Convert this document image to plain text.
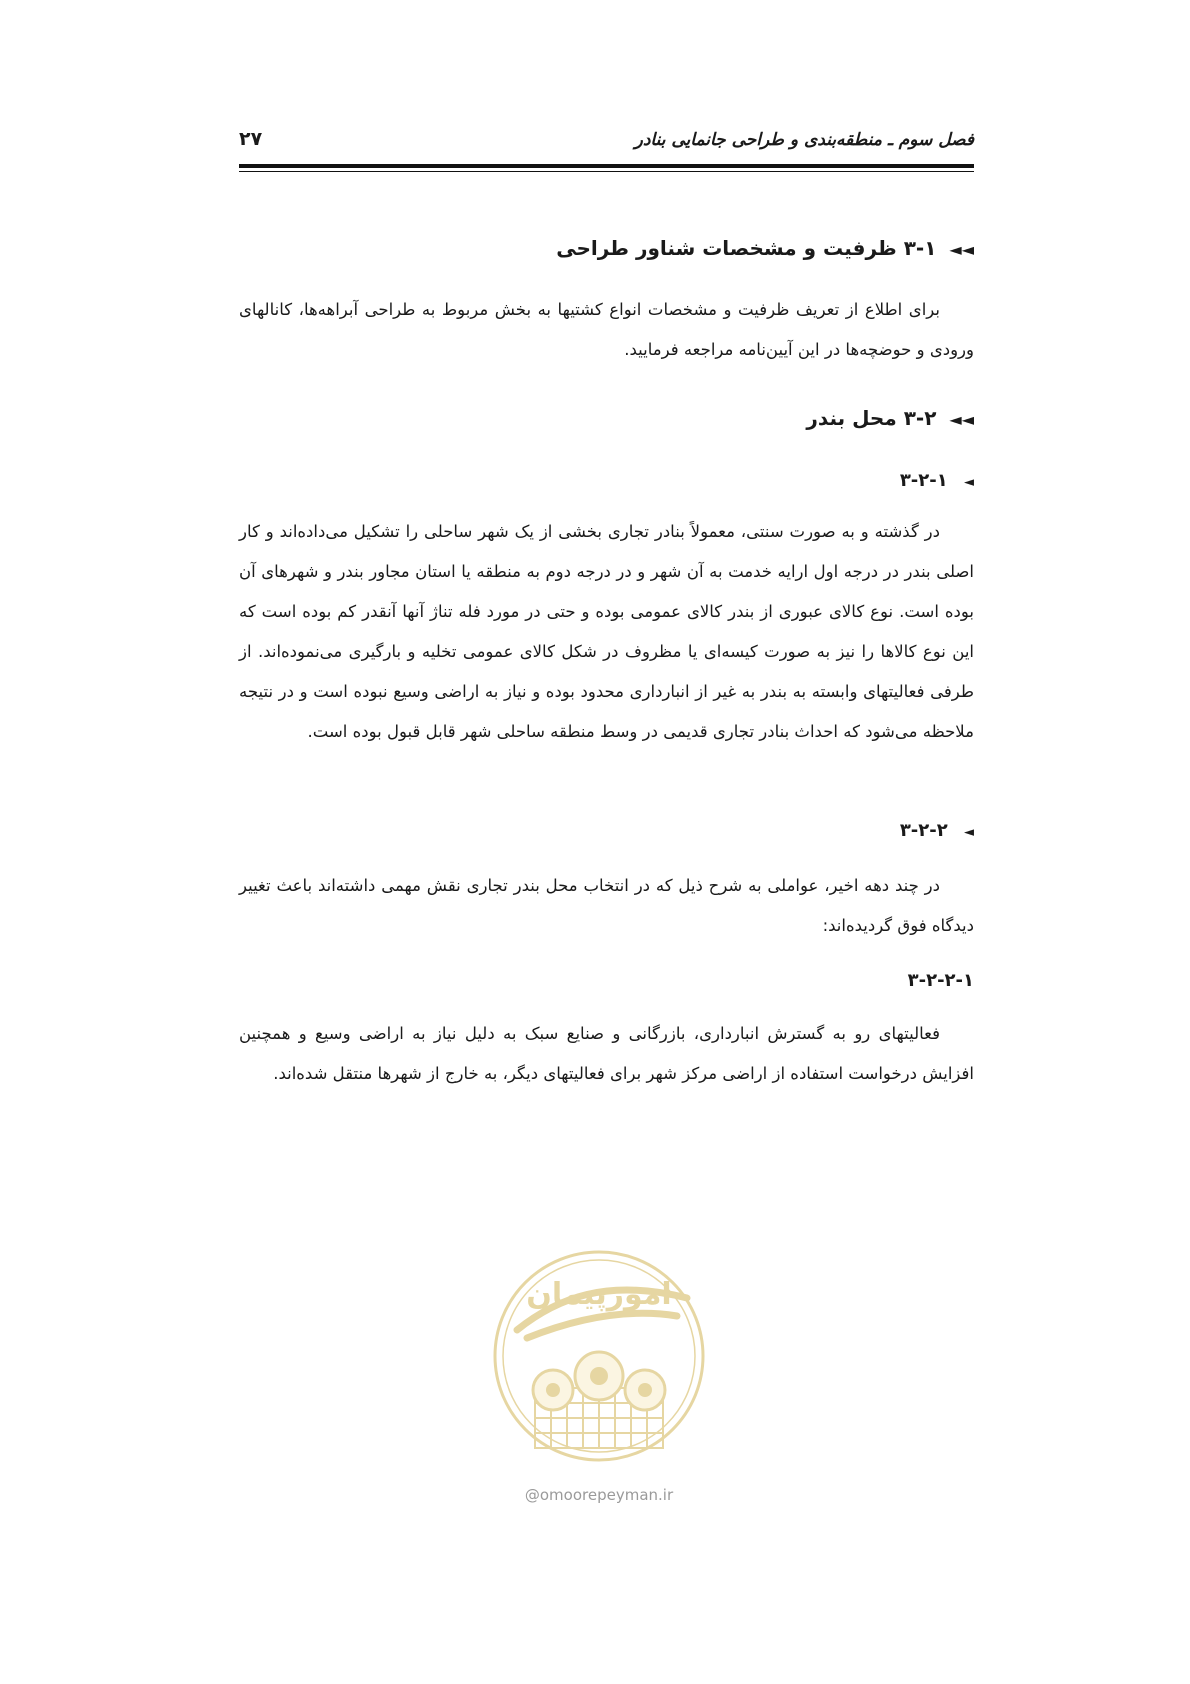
فصل سوم ـ منطقه‌بندی و طراحی جانمایی بنادر
۲۷
◄◄ ۳-۱ ظرفیت و مشخصات شناور طراحی
برای اطلاع از تعریف ظرفیت و مشخصات انواع کشتیها به بخش مربوط به طراحی آبراهه‌ها، کانالهای ورودی و حوضچه‌ها در این آیین‌نامه مراجعه فرمایید.
◄◄ ۳-۲ محل بندر
◄ ۳-۲-۱
در گذشته و به صورت سنتی، معمولاً بنادر تجاری بخشی از یک شهر ساحلی را تشکیل می‌داده‌اند و کار اصلی بندر در درجه اول ارایه خدمت به آن شهر و در درجه دوم به منطقه یا استان مجاور بندر و شهرهای آن بوده است. نوع کالای عبوری از بندر کالای عمومی بوده و حتی در مورد فله تناژ آنها آنقدر کم بوده است که این نوع کالاها را نیز به صورت کیسه‌ای یا مظروف در شکل کالای عمومی تخلیه و بارگیری می‌نموده‌اند. از طرفی فعالیتهای وابسته به بندر به غیر از انبارداری محدود بوده و نیاز به اراضی وسیع نبوده است و در نتیجه ملاحظه می‌شود که احداث بنادر تجاری قدیمی در وسط منطقه ساحلی شهر قابل قبول بوده است.
◄ ۳-۲-۲
در چند دهه اخیر، عواملی به شرح ذیل که در انتخاب محل بندر تجاری نقش مهمی داشته‌اند باعث تغییر دیدگاه فوق گردیده‌اند:
۳-۲-۲-۱
فعالیتهای رو به گسترش انبارداری، بازرگانی و صنایع سبک به دلیل نیاز به اراضی وسیع و همچنین افزایش درخواست استفاده از اراضی مرکز شهر برای فعالیتهای دیگر، به خارج از شهرها منتقل شده‌اند.
امورپیمان
@omoorepeyman.ir
